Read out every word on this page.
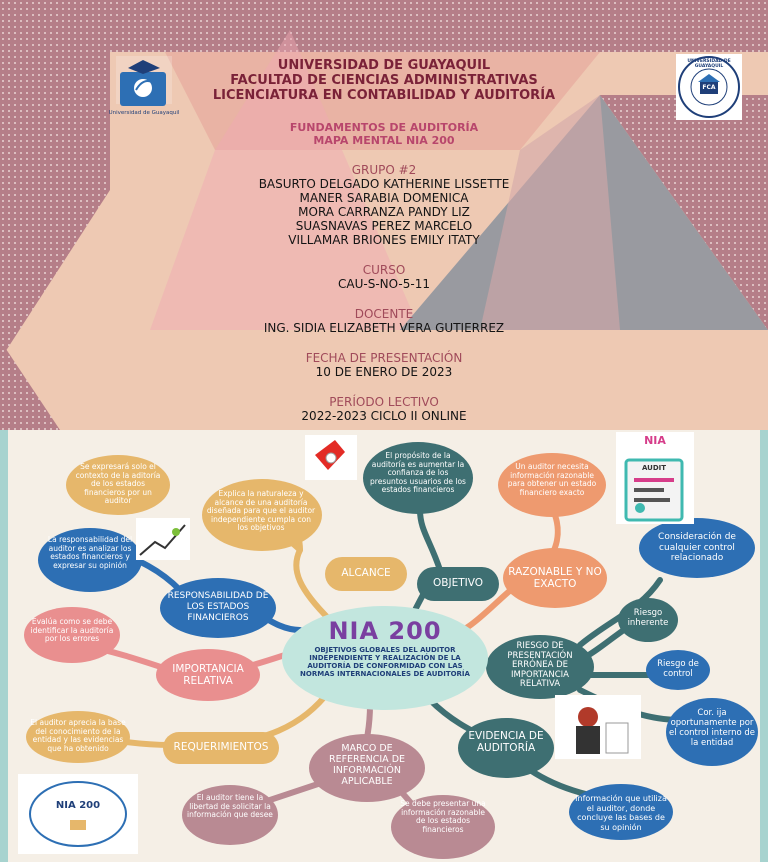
Universidad de Guayaquil
UNIVERSIDAD DE GUAYAQUIL
FCA
UNIVERSIDAD DE GUAYAQUIL
FACULTAD DE CIENCIAS ADMINISTRATIVAS
LICENCIATURA EN CONTABILIDAD Y AUDITORÍA
FUNDAMENTOS DE AUDITORÍA
MAPA MENTAL NIA 200
GRUPO #2
BASURTO DELGADO KATHERINE LISSETTE
MANER SARABIA DOMENICA
MORA CARRANZA PANDY LIZ
SUASNAVAS PEREZ MARCELO
VILLAMAR BRIONES EMILY ITATY
CURSO
CAU-S-NO-5-11
DOCENTE
ING. SIDIA ELIZABETH VERA GUTIERREZ
FECHA DE PRESENTACIÓN
10 DE ENERO DE 2023
PERÍODO LECTIVO
2022-2023 CICLO II ONLINE
NIA 200
OBJETIVOS GLOBALES DEL AUDITOR INDEPENDIENTE Y REALIZACIÓN DE LA AUDITORÍA DE CONFORMIDAD CON LAS NORMAS INTERNACIONALES DE AUDITORÍA
ALCANCE
OBJETIVO
RAZONABLE Y NO EXACTO
RESPONSABILIDAD DE LOS ESTADOS FINANCIEROS
IMPORTANCIA RELATIVA
REQUERIMIENTOS	MARCO DE REFERENCIA DE INFORMACIÓN APLICABLE
RIESGO DE PRESENTACIÓN ERRÓNEA DE IMPORTANCIA RELATIVA
EVIDENCIA DE AUDITORÍA
Se expresará solo el contexto de la aditoría de los estados financieros por un auditor
Explica la naturaleza y alcance de una auditoría diseñada para que el auditor independiente cumpla con los objetivos
El propósito de la auditoría es aumentar la confianza de los presuntos usuarios de los estados financieros
Un auditor necesita información razonable para obtener un estado financiero exacto
La responsabilidad del auditor es analizar los estados financieros y expresar su opinión
Evalúa como se debe identificar la auditoría por los errores
El auditor aprecia la base del conocimiento de la entidad y las evidencias que ha obtenido
El auditor tiene la libertad de solicitar la información que desee
Se debe presentar una información razonable de los estados financieros
Consideración de cualquier control relacionado
Riesgo inherente
Riesgo de control
Cor. ija oportunamente por el control interno de la entidad
Información que utiliza el auditor, donde concluye las bases de su opinión
NIA
AUDIT
NIA 200
